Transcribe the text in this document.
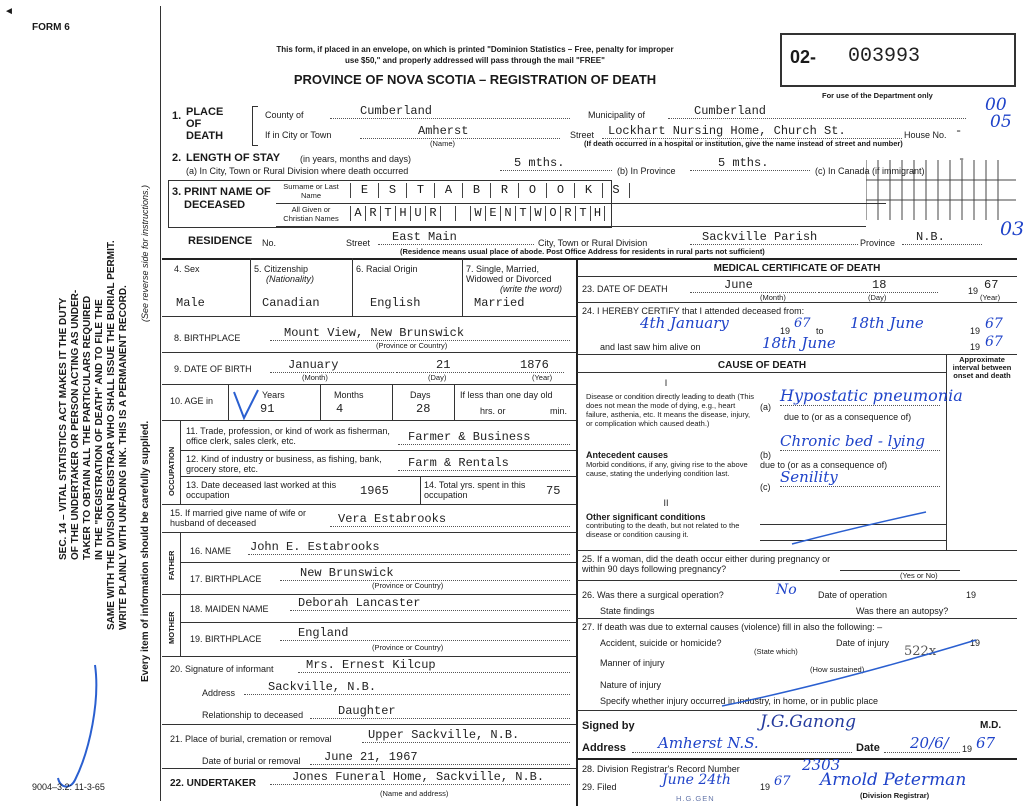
◄
FORM 6
SEC. 14 – VITAL STATISTICS ACT MAKES IT THE DUTY OF THE UNDERTAKER OR PERSON ACTING AS UNDER- TAKER TO OBTAIN ALL THE PARTICULARS REQUIRED IN THE "REGISTRATION OF DEATH" AND TO FILE THE SAME WITH THE DIVISION REGISTRAR WHO SHALL ISSUE THE BURIAL PERMIT. WRITE PLAINLY WITH UNFADING INK. THIS IS A PERMANENT RECORD. Every item of information should be carefully supplied.
(See reverse side for instructions.)
This form, if placed in an envelope, on which is printed "Dominion Statistics – Free, penalty for improper
use $50," and properly addressed will pass through the mail "FREE"
PROVINCE OF NOVA SCOTIA – REGISTRATION OF DEATH
02- 003993
For use of the Department only	00
05
03
1. PLACE OF DEATH
County of	Cumberland	Municipality of	Cumberland
If in City or Town	Amherst
(Name)
Street	Lockhart Nursing Home, Church St.	House No. -
(If death occurred in a hospital or institution, give the name instead of street and number)
2. LENGTH OF STAY (in years, months and days)
(a) In City, Town or Rural Division where death occurred
5 mths.
(b) In Province
5 mths.
(c) In Canada (if immigrant)
-
3. PRINT NAME OF DECEASED
Surname or Last Name
All Given or Christian Names
E	S	T	A	B	R	O	O	K	S
A R T H U R	W E N T W O R T H
RESIDENCE No.	Street	East Main	City, Town or Rural Division	Sackville Parish	Province	N.B.
(Residence means usual place of abode. Post Office Address for residents in rural parts not sufficient)
4. Sex
Male
5. Citizenship
(Nationality)
Canadian
6. Racial Origin
English
7. Single, Married, Widowed or Divorced
(write the word)
Married
8. BIRTHPLACE	Mount View, New Brunswick
(Province or Country)
9. DATE OF BIRTH	January	21	1876
(Month)	(Day)	(Year)
10. AGE in
Years	Months	Days
91	4	28
If less than one day old
hrs. or	min.
OCCUPATION
11. Trade, profession, or kind of work as fisherman, office clerk, sales clerk, etc.	Farmer & Business
12. Kind of industry or business, as fishing, bank, grocery store, etc.	Farm & Rentals
13. Date deceased last worked at this occupation	1965	14. Total yrs. spent in this occupation	75
15. If married give name of wife or husband of deceased	Vera Estabrooks
FATHER 16. NAME John E. Estabrooks
17. BIRTHPLACE	New Brunswick
(Province or Country)
MOTHER
18. MAIDEN NAME	Deborah Lancaster
19. BIRTHPLACE	England
(Province or Country)
20. Signature of informant	Mrs. Ernest Kilcup
Address	Sackville, N.B.
Relationship to deceased	Daughter
21. Place of burial, cremation or removal	Upper Sackville, N.B.
Date of burial or removal	June 21, 1967
22. UNDERTAKER	Jones Funeral Home, Sackville, N.B.
(Name and address)
9004–3.2: 11-3-65
MEDICAL CERTIFICATE OF DEATH
23. DATE OF DEATH	June	18	19 67
(Month)	(Day)	(Year)
24. I HEREBY CERTIFY that I attended deceased from:
4th January	19 67 to 18th June	19 67
and last saw him alive on	18th June	19 67
CAUSE OF DEATH
Approximate interval between onset and death
I
Disease or condition directly leading to death (This does not mean the mode of dying, e.g., heart failure, asthenia, etc. It means the disease, injury, or complication which caused death.)
(a)
Hypostatic pneumonia
due to (or as a consequence of)
Antecedent causes
Morbid conditions, if any, giving rise to the above cause, stating the underlying condition last.
(b)
Chronic bed - lying
due to (or as a consequence of)
(c)
Senility
II
Other significant conditions
contributing to the death, but not related to the disease or condition causing it.
25. If a woman, did the death occur either during pregnancy or within 90 days following pregnancy?
(Yes or No)
26. Was there a surgical operation?	No Date of operation	19
State findings	Was there an autopsy?
27. If death was due to external causes (violence) fill in also the following: –
Accident, suicide or homicide?	Date of injury	19
(State which)	522x
Manner of injury
(How sustained)
Nature of injury
Specify whether injury occurred in industry, in home, or in public place
Signed by	J.G.Ganong	M.D.
Address	Amherst N.S.	Date	20/6/	19 67
28. Division Registrar's Record Number	2303
29. Filed	June 24th	19 67 Arnold Peterman
(Division Registrar)
H.G.GEN
